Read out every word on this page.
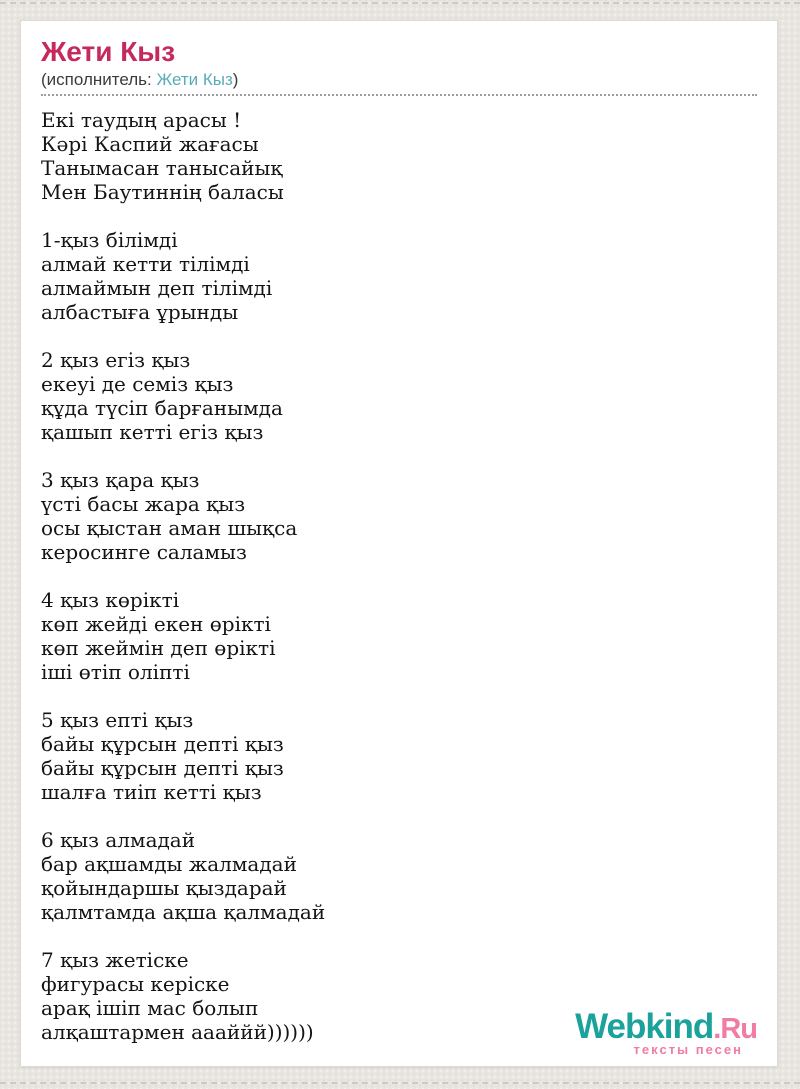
Жети Кыз
(исполнитель: Жети Кыз)

Екі таудың арасы !
Кәрі Каспий жағасы
Танымасан танысайық
Мен Баутиннің баласы

1-қыз білімді
алмай кетти тілімді
алмаймын деп тілімді
албастыға ұрынды

2 қыз егіз қыз
екеуі де семіз қыз
құда түсіп барғанымда
қашып кетті егіз қыз

3 қыз қара қыз
үсті басы жара қыз
осы қыстан аман шықса
керосинге саламыз

4 қыз көрікті
көп жейді екен өрікті
көп жеймін деп өрікті
іші өтіп оліпті

5 қыз епті қыз
байы құрсын депті қыз
байы құрсын депті қыз
шалға тиіп кетті қыз

6 қыз алмадай
бар ақшамды жалмадай
қойындаршы қыздарай
қалмтамда ақша қалмадай

7 қыз жетіске
фигурасы керіске
арақ ішіп мас болып
алқаштармен аааййй))))))	Webkind.Ru
тексты песен
